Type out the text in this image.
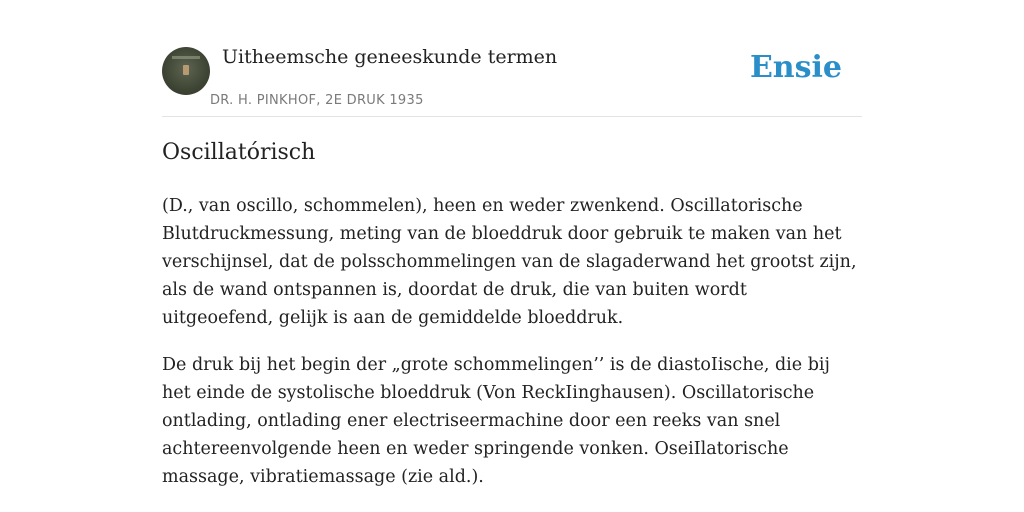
Uitheemsche geneeskunde termen
DR. H. PINKHOF, 2E DRUK 1935
Ensie
Oscillatórisch

(D., van oscillo, schommelen), heen en weder zwenkend. Oscillatorische Blutdruckmessung, meting van de bloeddruk door gebruik te maken van het verschijnsel, dat de polsschommelingen van de slagaderwand het grootst zijn, als de wand ontspannen is, doordat de druk, die van buiten wordt uitgeoefend, gelijk is aan de gemiddelde bloeddruk.

De druk bij het begin der „grote schommelingen’’ is de diastoIische, die bij het einde de systolische bloeddruk (Von ReckIinghausen). Oscillatorische ontlading, ontlading ener electriseermachine door een reeks van snel achtereenvolgende heen en weder springende vonken. OseiIlatorische massage, vibratiemassage (zie ald.).
